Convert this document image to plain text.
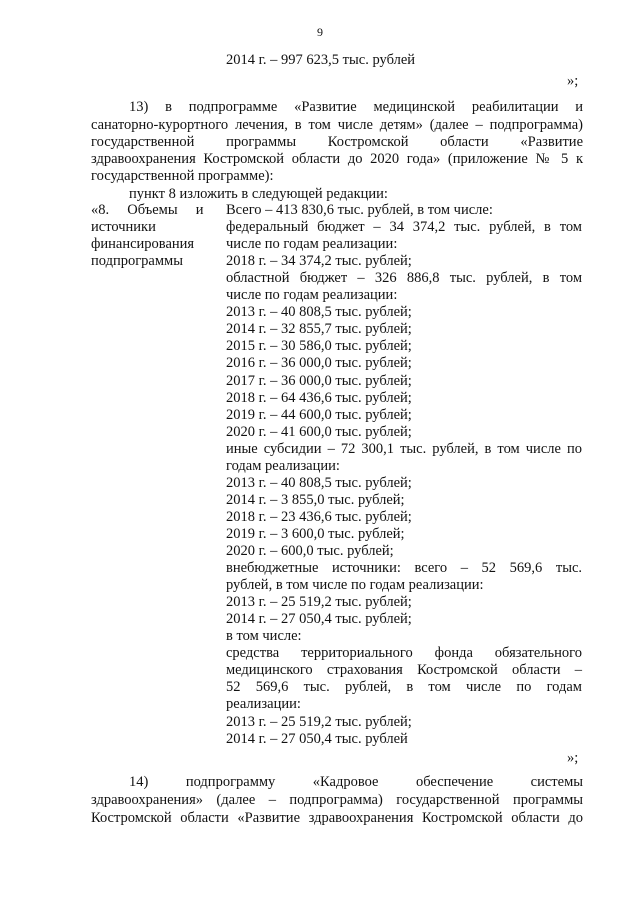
9
2014 г. – 997 623,5 тыс. рублей
»;
13) в подпрограмме «Развитие медицинской реабилитации и
санаторно-курортного лечения, в том числе детям» (далее – подпрограмма)
государственной программы Костромской области «Развитие
здравоохранения Костромской области до 2020 года» (приложение № 5 к
государственной программе):
пункт 8 изложить в следующей редакции:
«8.     Объемы     и
источники
финансирования
подпрограммы
Всего – 413 830,6 тыс. рублей, в том числе:
федеральный бюджет – 34 374,2 тыс. рублей, в том
числе по годам реализации:
2018 г. – 34 374,2 тыс. рублей;
областной бюджет – 326 886,8 тыс. рублей, в том
числе по годам реализации:
2013 г. – 40 808,5 тыс. рублей;
2014 г. – 32 855,7 тыс. рублей;
2015 г. – 30 586,0 тыс. рублей;
2016 г. – 36 000,0 тыс. рублей;
2017 г. – 36 000,0 тыс. рублей;
2018 г. – 64 436,6 тыс. рублей;
2019 г. – 44 600,0 тыс. рублей;
2020 г. – 41 600,0 тыс. рублей;
иные субсидии – 72 300,1 тыс. рублей, в том числе по
годам реализации:
2013 г. – 40 808,5 тыс. рублей;
2014 г. – 3 855,0 тыс. рублей;
2018 г. – 23 436,6 тыс. рублей;
2019 г. – 3 600,0 тыс. рублей;
2020 г. – 600,0 тыс. рублей;
внебюджетные источники: всего – 52 569,6 тыс.
рублей, в том числе по годам реализации:
2013 г. – 25 519,2 тыс. рублей;
2014 г. – 27 050,4 тыс. рублей;
в том числе:
средства территориального фонда обязательного
медицинского страхования Костромской области –
52 569,6 тыс. рублей, в том числе по годам
реализации:
2013 г. – 25 519,2 тыс. рублей;
2014 г. – 27 050,4 тыс. рублей
»;
14) подпрограмму «Кадровое обеспечение системы
здравоохранения» (далее – подпрограмма) государственной программы
Костромской области «Развитие здравоохранения Костромской области до
